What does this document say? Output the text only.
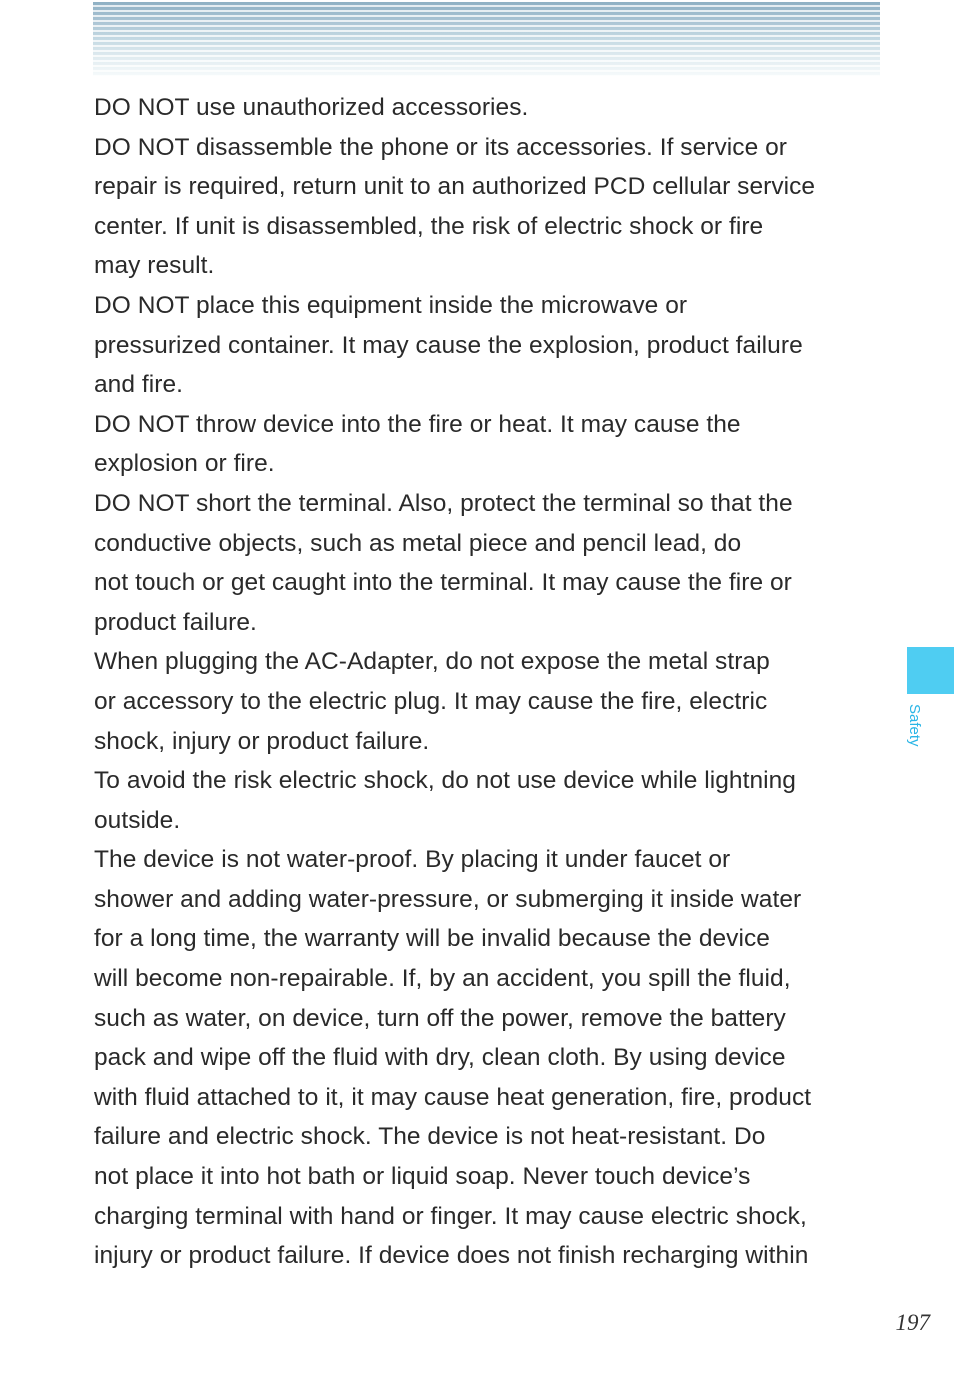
DO NOT use unauthorized accessories.
DO NOT disassemble the phone or its accessories. If service or
repair is required, return unit to an authorized PCD cellular service
center. If unit is disassembled, the risk of electric shock or fire
may result.
DO NOT place this equipment inside the microwave or
pressurized container. It may cause the explosion, product failure
and fire.
DO NOT throw device into the fire or heat. It may cause the
explosion or fire.
DO NOT short the terminal. Also, protect the terminal so that the
conductive objects, such as metal piece and pencil lead, do
not touch or get caught into the terminal. It may cause the fire or
product failure.
When plugging the AC-Adapter, do not expose the metal strap
or accessory to the electric plug. It may cause the fire, electric
shock, injury or product failure.
To avoid the risk electric shock, do not use device while lightning
outside.
The device is not water-proof. By placing it under faucet or
shower and adding water-pressure, or submerging it inside water
for a long time, the warranty will be invalid because the device
will become non-repairable. If, by an accident, you spill the fluid,
such as water, on device, turn off the power, remove the battery
pack and wipe off the fluid with dry, clean cloth. By using device
with fluid attached to it, it may cause heat generation, fire, product
failure and electric shock. The device is not heat-resistant. Do
not place it into hot bath or liquid soap. Never touch device’s
charging terminal with hand or finger. It may cause electric shock,
injury or product failure. If device does not finish recharging within
Safety
197
